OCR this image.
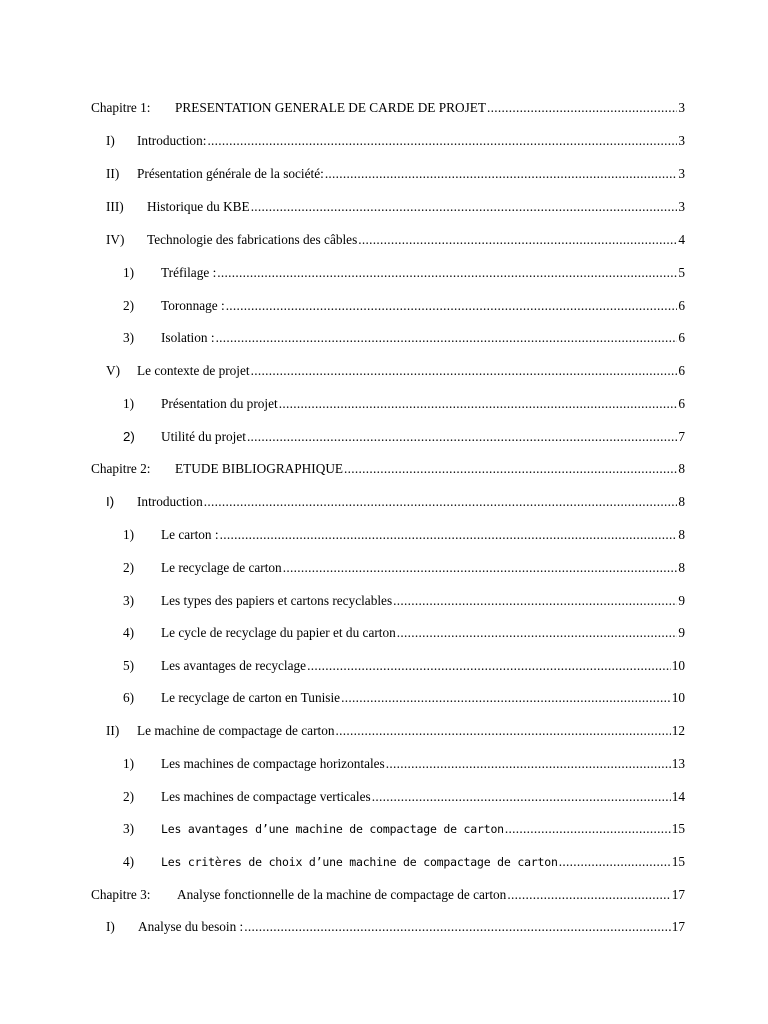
Chapitre 1:	PRESENTATION GENERALE DE CARDE DE PROJET .....	3
I)	Introduction: .....	3
II)	Présentation générale de la société: .....	3
III)	Historique du KBE .....	3
IV)	Technologie des fabrications des câbles .....	4
1)	Tréfilage : .....	5
2)	Toronnage : .....	6
3)	Isolation : .....	6
V)	Le contexte de projet .....	6
1)	Présentation du projet .....	6
2)	Utilité du projet .....	7
Chapitre 2:	ETUDE BIBLIOGRAPHIQUE .....	8
I)	Introduction .....	8
1)	Le carton : .....	8
2)	Le recyclage de carton .....	8
3)	Les types des papiers et cartons recyclables .....	9
4)	Le cycle de recyclage du papier et du carton .....	9
5)	Les avantages de recyclage .....	10
6)	Le recyclage de carton en Tunisie .....	10
II)	Le machine de compactage de carton .....	12
1)	Les machines de compactage horizontales .....	13
2)	Les machines de compactage verticales .....	14
3)	Les avantages d’une machine de compactage de carton .....	15
4)	Les critères de choix d’une machine de compactage de carton .....	15
Chapitre 3:	Analyse fonctionnelle de la machine de compactage de carton .....	17
I)	Analyse du besoin : .....	17
